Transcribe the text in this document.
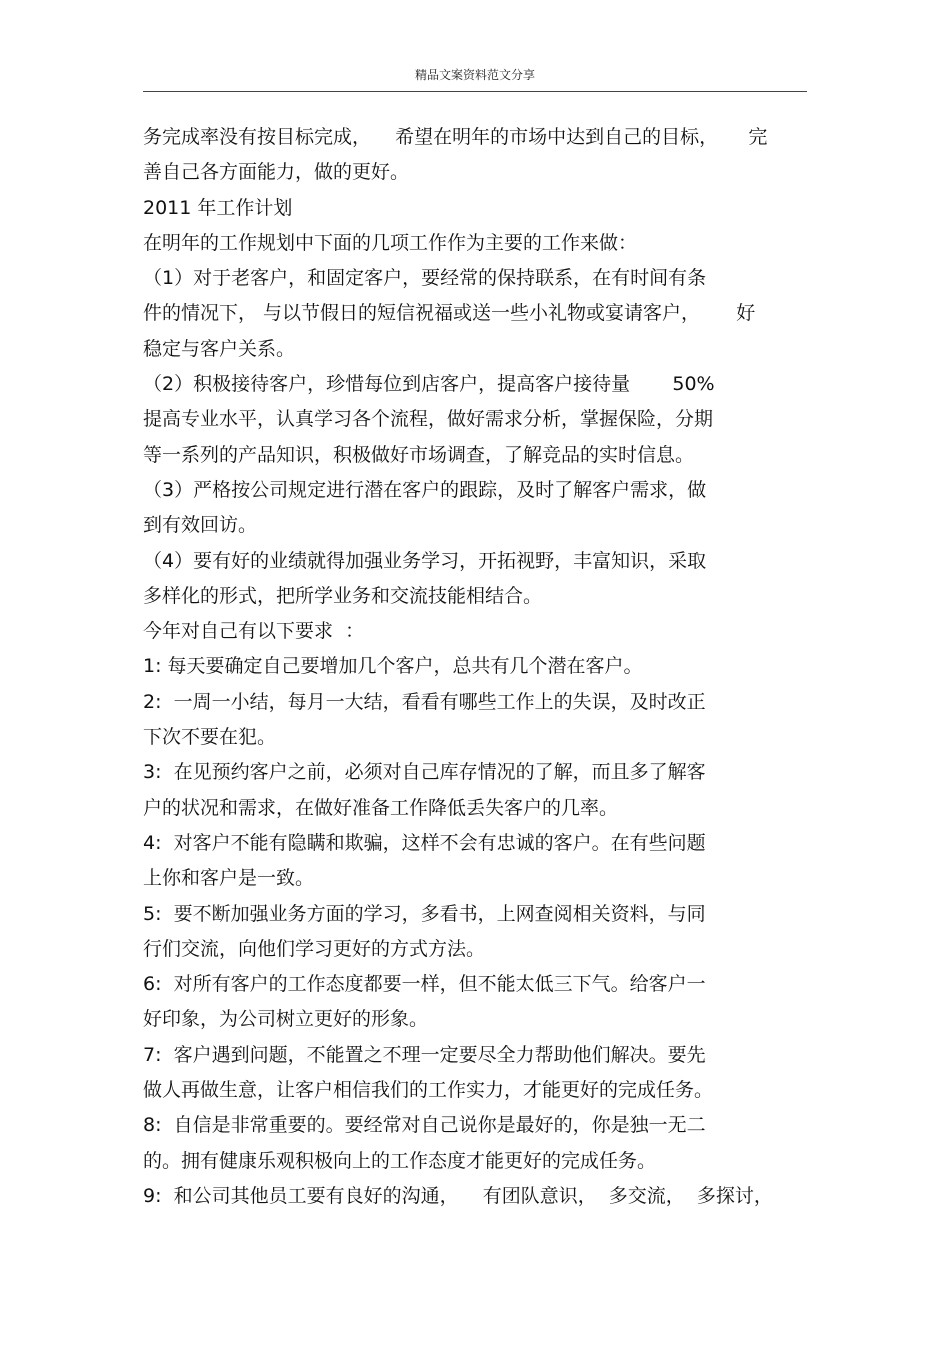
精品文案资料范文分享
务完成率没有按目标完成，    希望在明年的市场中达到自己的目标，     完
善自己各方面能力，做的更好。
2011 年工作计划
在明年的工作规划中下面的几项工作作为主要的工作来做：
（1）对于老客户，和固定客户，要经常的保持联系，在有时间有条
件的情况下， 与以节假日的短信祝福或送一些小礼物或宴请客户，      好
稳定与客户关系。
（2）积极接待客户，珍惜每位到店客户，提高客户接待量       50%
提高专业水平，认真学习各个流程，做好需求分析，掌握保险，分期
等一系列的产品知识，积极做好市场调查，了解竞品的实时信息。
（3）严格按公司规定进行潜在客户的跟踪，及时了解客户需求，做
到有效回访。
（4）要有好的业绩就得加强业务学习，开拓视野，丰富知识，采取
多样化的形式，把所学业务和交流技能相结合。
今年对自己有以下要求  ：
1: 每天要确定自己要增加几个客户，总共有几个潜在客户。
2:  一周一小结，每月一大结，看看有哪些工作上的失误，及时改正
下次不要在犯。
3:  在见预约客户之前，必须对自己库存情况的了解，而且多了解客
户的状况和需求，在做好准备工作降低丢失客户的几率。
4:  对客户不能有隐瞒和欺骗，这样不会有忠诚的客户。在有些问题
上你和客户是一致。
5:  要不断加强业务方面的学习，多看书，上网查阅相关资料，与同
行们交流，向他们学习更好的方式方法。
6:  对所有客户的工作态度都要一样，但不能太低三下气。给客户一
好印象，为公司树立更好的形象。
7:  客户遇到问题，不能置之不理一定要尽全力帮助他们解决。要先
做人再做生意，让客户相信我们的工作实力，才能更好的完成任务。
8:  自信是非常重要的。要经常对自己说你是最好的，你是独一无二
的。拥有健康乐观积极向上的工作态度才能更好的完成任务。
9:  和公司其他员工要有良好的沟通，    有团队意识，  多交流，  多探讨，
